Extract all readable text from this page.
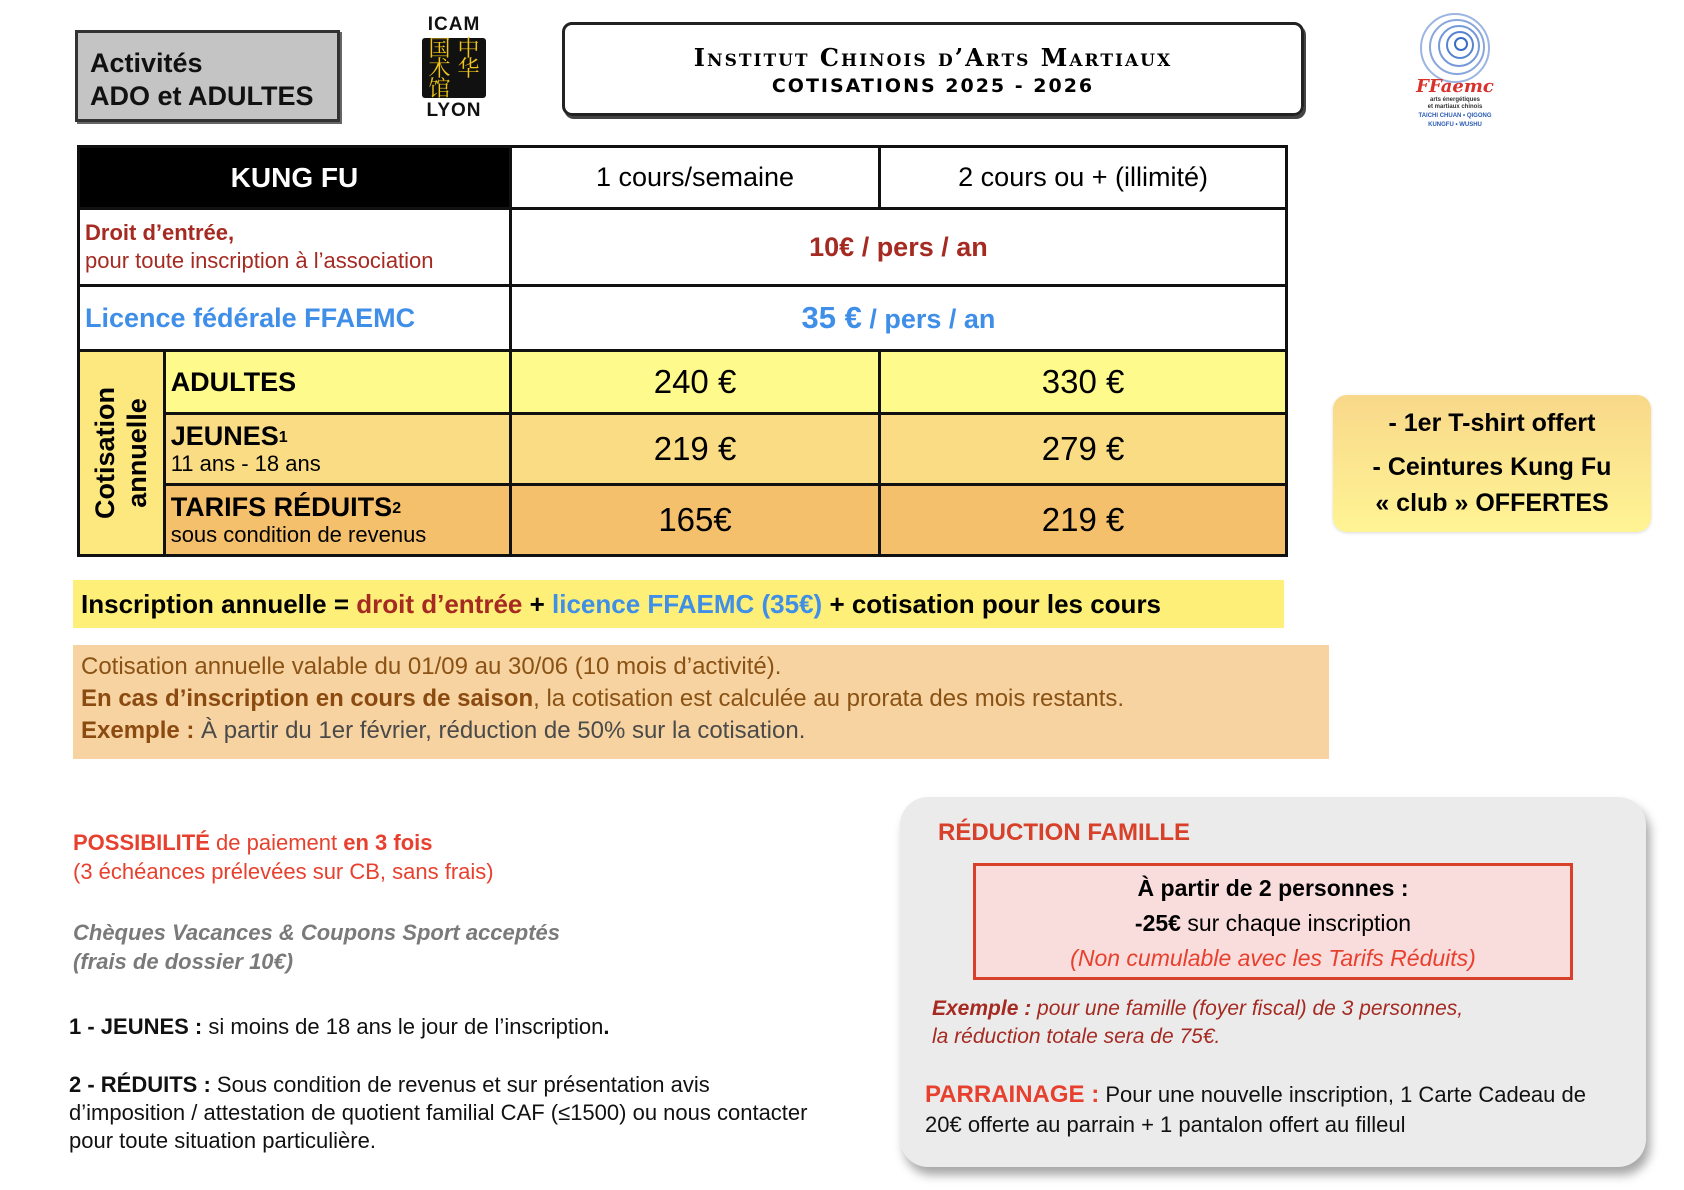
Activités
ADO et ADULTES
ICAM
国 中
术 华
馆
LYON
Institut Chinois d’Arts Martiaux
COTISATIONS 2025 - 2026	FFaemc
arts énergétiques
et martiaux chinois
TAICHI CHUAN • QIGONG
KUNGFU • WUSHU
KUNG FU		1 cours/semaine	2 cours ou + (illimité)

Droit d’entrée,
pour toute inscription à l’association		10€ / pers / an	
Licence fédérale FFAEMC		35 € / pers / an	

Cotisation annuelle	ADULTES	240 €	330 €

	JEUNES$^1$
11 ans - 18 ans	219 €	279 €

	TARIFS RÉDUITS$^2$
sous condition de revenus	165€	219 €
- 1er T-shirt offert
- Ceintures Kung Fu
« club » OFFERTES
Inscription annuelle = droit d’entrée + licence FFAEMC (35€) + cotisation pour les cours
Cotisation annuelle valable du 01/09 au 30/06 (10 mois d’activité).
En cas d’inscription en cours de saison, la cotisation est calculée au prorata des mois restants.
Exemple : À partir du 1er février, réduction de 50% sur la cotisation.
POSSIBILITÉ de paiement en 3 fois
(3 échéances prélevées sur CB, sans frais)
Chèques Vacances & Coupons Sport acceptés
(frais de dossier 10€)

1 - JEUNES : si moins de 18 ans le jour de l’inscription.

2 - RÉDUITS : Sous condition de revenus et sur présentation avis d’imposition / attestation de quotient familial CAF (≤1500) ou nous contacter pour toute situation particulière.

RÉDUCTION FAMILLE
À partir de 2 personnes :
-25€ sur chaque inscription
(Non cumulable avec les Tarifs Réduits)
Exemple : pour une famille (foyer fiscal) de 3 personnes,
la réduction totale sera de 75€.
PARRAINAGE : Pour une nouvelle inscription, 1 Carte Cadeau de 20€ offerte au parrain + 1 pantalon offert au filleul
